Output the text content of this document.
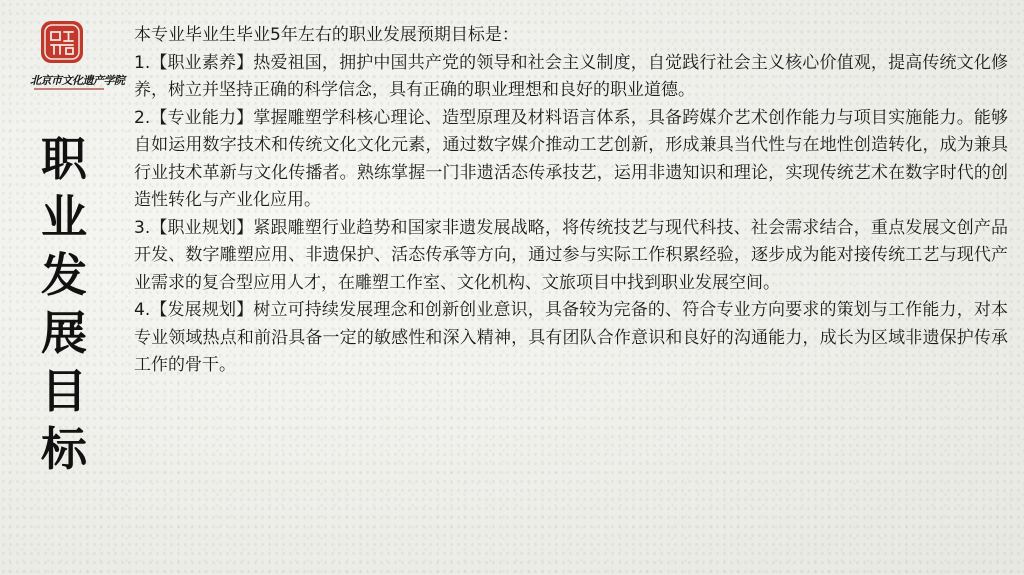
北京市文化遗产学院
职
业
发
展
目
标

本专业毕业生毕业5年左右的职业发展预期目标是：

1.【职业素养】热爱祖国，拥护中国共产党的领导和社会主义制度，自觉践行社会主义核心价值观，提高传统文化修养，树立并坚持正确的科学信念，具有正确的职业理想和良好的职业道德。

2.【专业能力】掌握雕塑学科核心理论、造型原理及材料语言体系，具备跨媒介艺术创作能力与项目实施能力。能够自如运用数字技术和传统文化文化元素，通过数字媒介推动工艺创新，形成兼具当代性与在地性创造转化，成为兼具行业技术革新与文化传播者。熟练掌握一门非遗活态传承技艺，运用非遗知识和理论，实现传统艺术在数字时代的创造性转化与产业化应用。

3.【职业规划】紧跟雕塑行业趋势和国家非遗发展战略，将传统技艺与现代科技、社会需求结合，重点发展文创产品开发、数字雕塑应用、非遗保护、活态传承等方向，通过参与实际工作积累经验，逐步成为能对接传统工艺与现代产业需求的复合型应用人才，在雕塑工作室、文化机构、文旅项目中找到职业发展空间。

4.【发展规划】树立可持续发展理念和创新创业意识，具备较为完备的、符合专业方向要求的策划与工作能力，对本专业领域热点和前沿具备一定的敏感性和深入精神，具有团队合作意识和良好的沟通能力，成长为区域非遗保护传承工作的骨干。
